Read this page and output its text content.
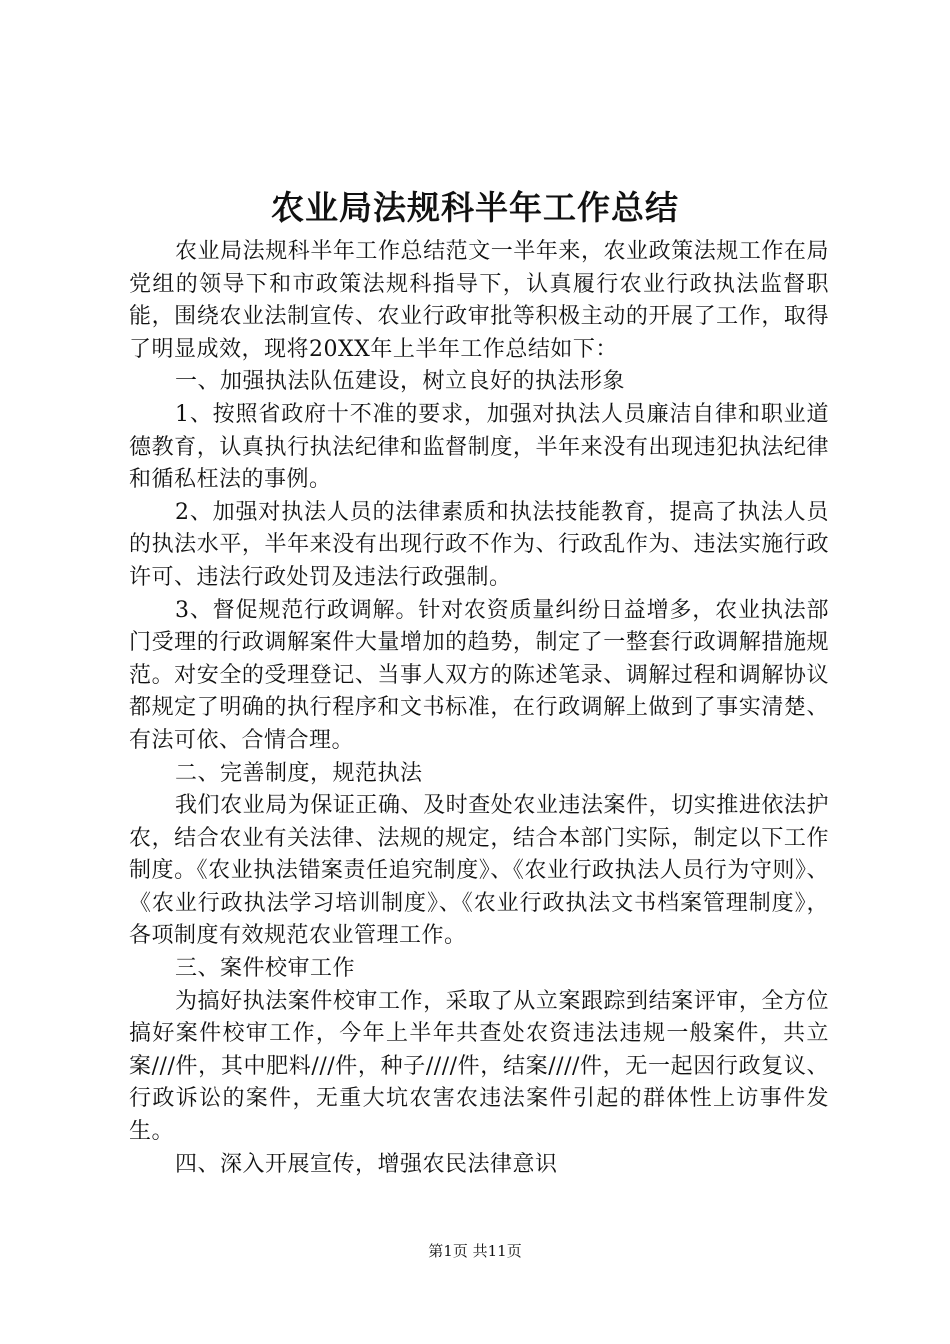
农业局法规科半年工作总结

农业局法规科半年工作总结范文一半年来，农业政策法规工作在局党组的领导下和市政策法规科指导下，认真履行农业行政执法监督职能，围绕农业法制宣传、农业行政审批等积极主动的开展了工作，取得了明显成效，现将20XX年上半年工作总结如下：

一、加强执法队伍建设，树立良好的执法形象

1、按照省政府十不准的要求，加强对执法人员廉洁自律和职业道德教育，认真执行执法纪律和监督制度，半年来没有出现违犯执法纪律和循私枉法的事例。

2、加强对执法人员的法律素质和执法技能教育，提高了执法人员的执法水平，半年来没有出现行政不作为、行政乱作为、违法实施行政许可、违法行政处罚及违法行政强制。

3、督促规范行政调解。针对农资质量纠纷日益增多，农业执法部门受理的行政调解案件大量增加的趋势，制定了一整套行政调解措施规范。对安全的受理登记、当事人双方的陈述笔录、调解过程和调解协议都规定了明确的执行程序和文书标准，在行政调解上做到了事实清楚、有法可依、合情合理。

二、完善制度，规范执法

我们农业局为保证正确、及时查处农业违法案件，切实推进依法护农，结合农业有关法律、法规的规定，结合本部门实际，制定以下工作制度。《农业执法错案责任追究制度》、《农业行政执法人员行为守则》、《农业行政执法学习培训制度》、《农业行政执法文书档案管理制度》，各项制度有效规范农业管理工作。

三、案件校审工作

为搞好执法案件校审工作，采取了从立案跟踪到结案评审，全方位搞好案件校审工作，今年上半年共查处农资违法违规一般案件，共立案///件，其中肥料///件，种子////件，结案////件，无一起因行政复议、行政诉讼的案件，无重大坑农害农违法案件引起的群体性上访事件发生。

四、深入开展宣传，增强农民法律意识

第1页 共11页
